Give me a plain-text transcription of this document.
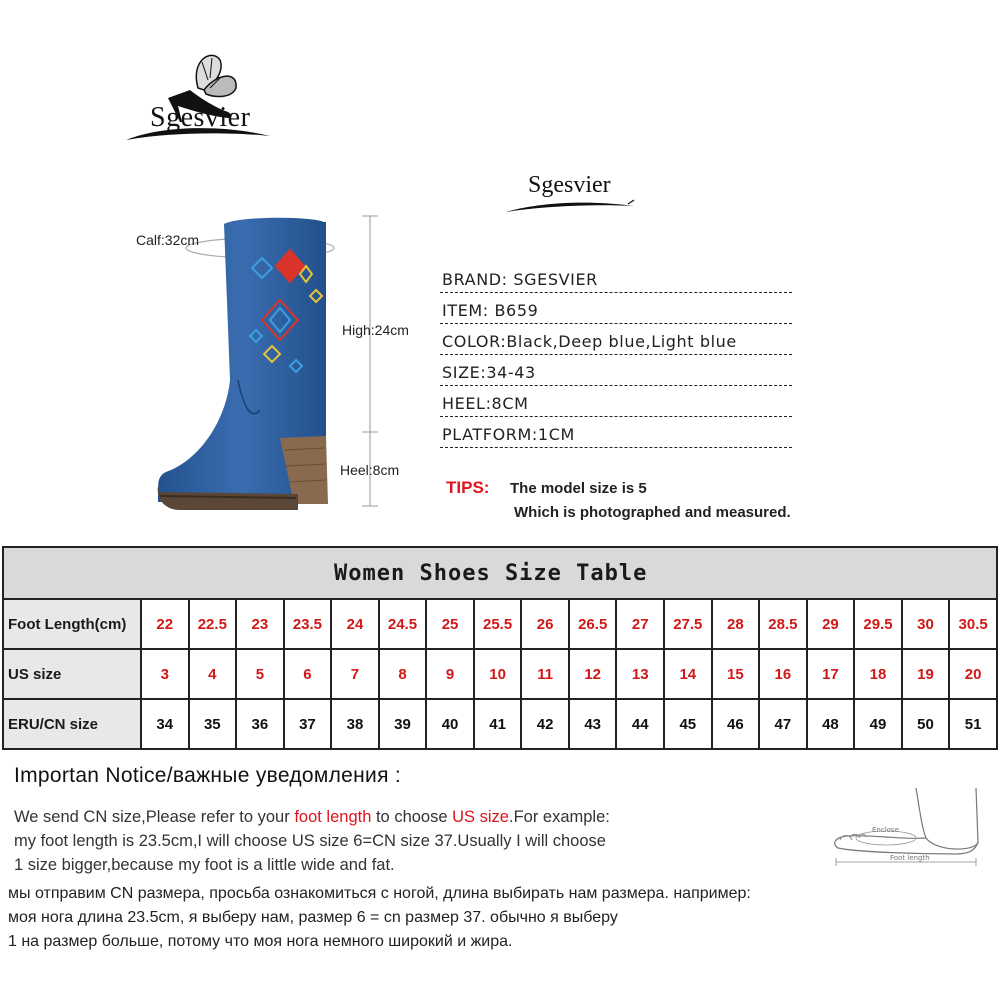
Sgesvier
Sgesvier
Calf:32cm
High:24cm
Heel:8cm
BRAND: SGESVIER
ITEM: B659
COLOR:Black,Deep blue,Light blue
SIZE:34-43
HEEL:8CM
PLATFORM:1CM
TIPS: The model size is 5
Which is photographed and measured.
Women Shoes Size Table																		
Foot Length(cm)	22	22.5	23	23.5	24	24.5	25	25.5	26	26.5	27	27.5	28	28.5	29	29.5	30	30.5
US size	3	4	5	6	7	8	9	10	11	12	13	14	15	16	17	18	19	20
ERU/CN size	34	35	36	37	38	39	40	41	42	43	44	45	46	47	48	49	50	51
Importan Notice/важные уведомления :
We send CN size,Please refer to your foot length to choose US size.For example:
my foot length is 23.5cm,I will choose US size 6=CN size 37.Usually I will choose
1 size bigger,because my foot is a little wide and fat.
мы отправим CN размера, просьба ознакомиться с ногой, длина выбирать нам размера. например:
моя нога длина 23.5cm, я выберу нам, размер 6 = cn размер 37. обычно я выберу
1 на размер больше, потому что моя нога немного широкий и жира.
Enclose
Foot length
